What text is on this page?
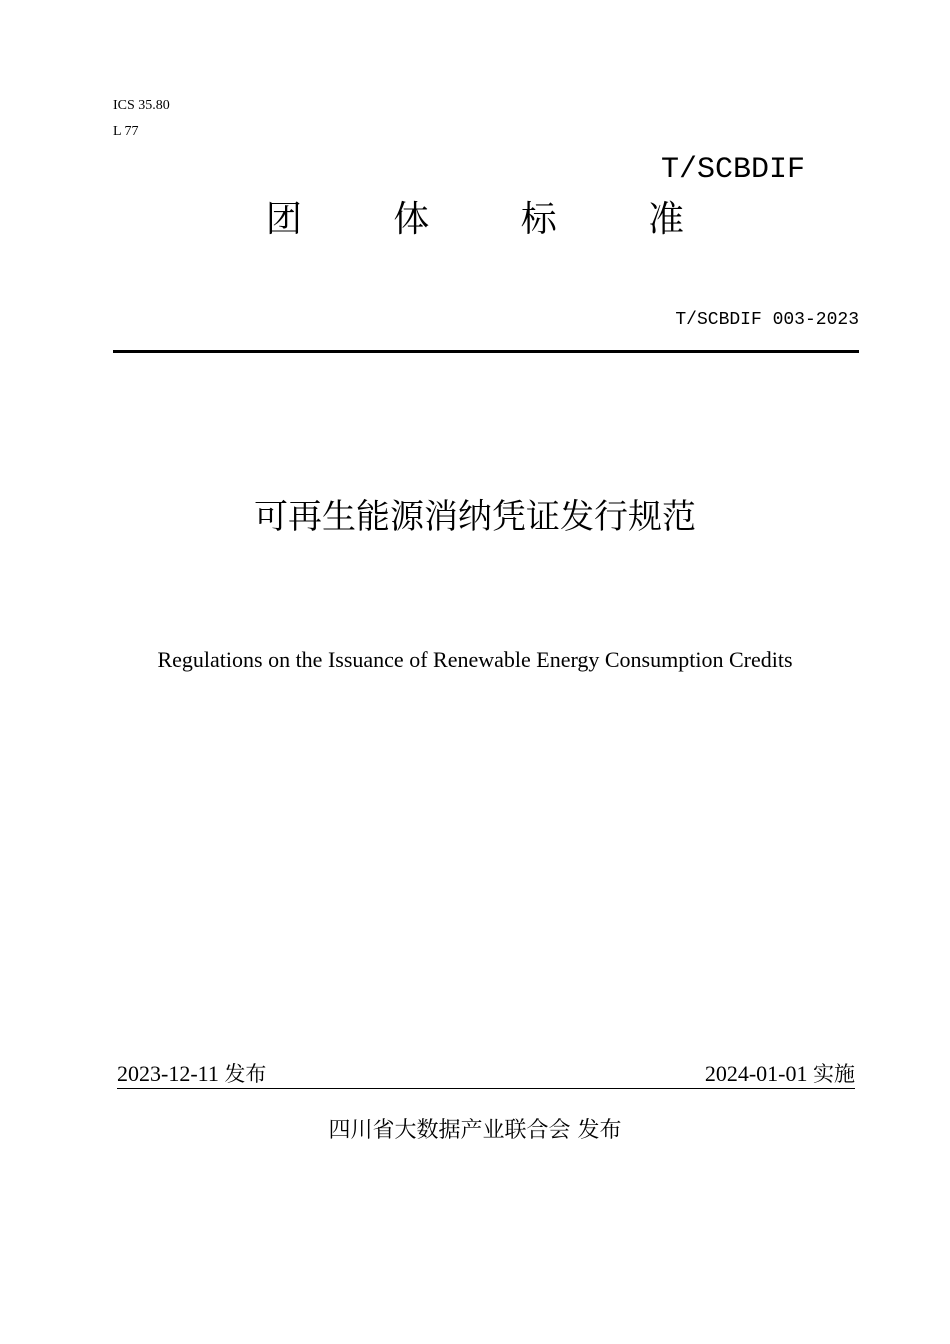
ICS 35.80
L 77
T/SCBDIF
团 体 标 准
T/SCBDIF 003-2023
可再生能源消纳凭证发行规范
Regulations on the Issuance of Renewable Energy Consumption Credits
2023-12-11 发布	2024-01-01 实施
四川省大数据产业联合会 发布
